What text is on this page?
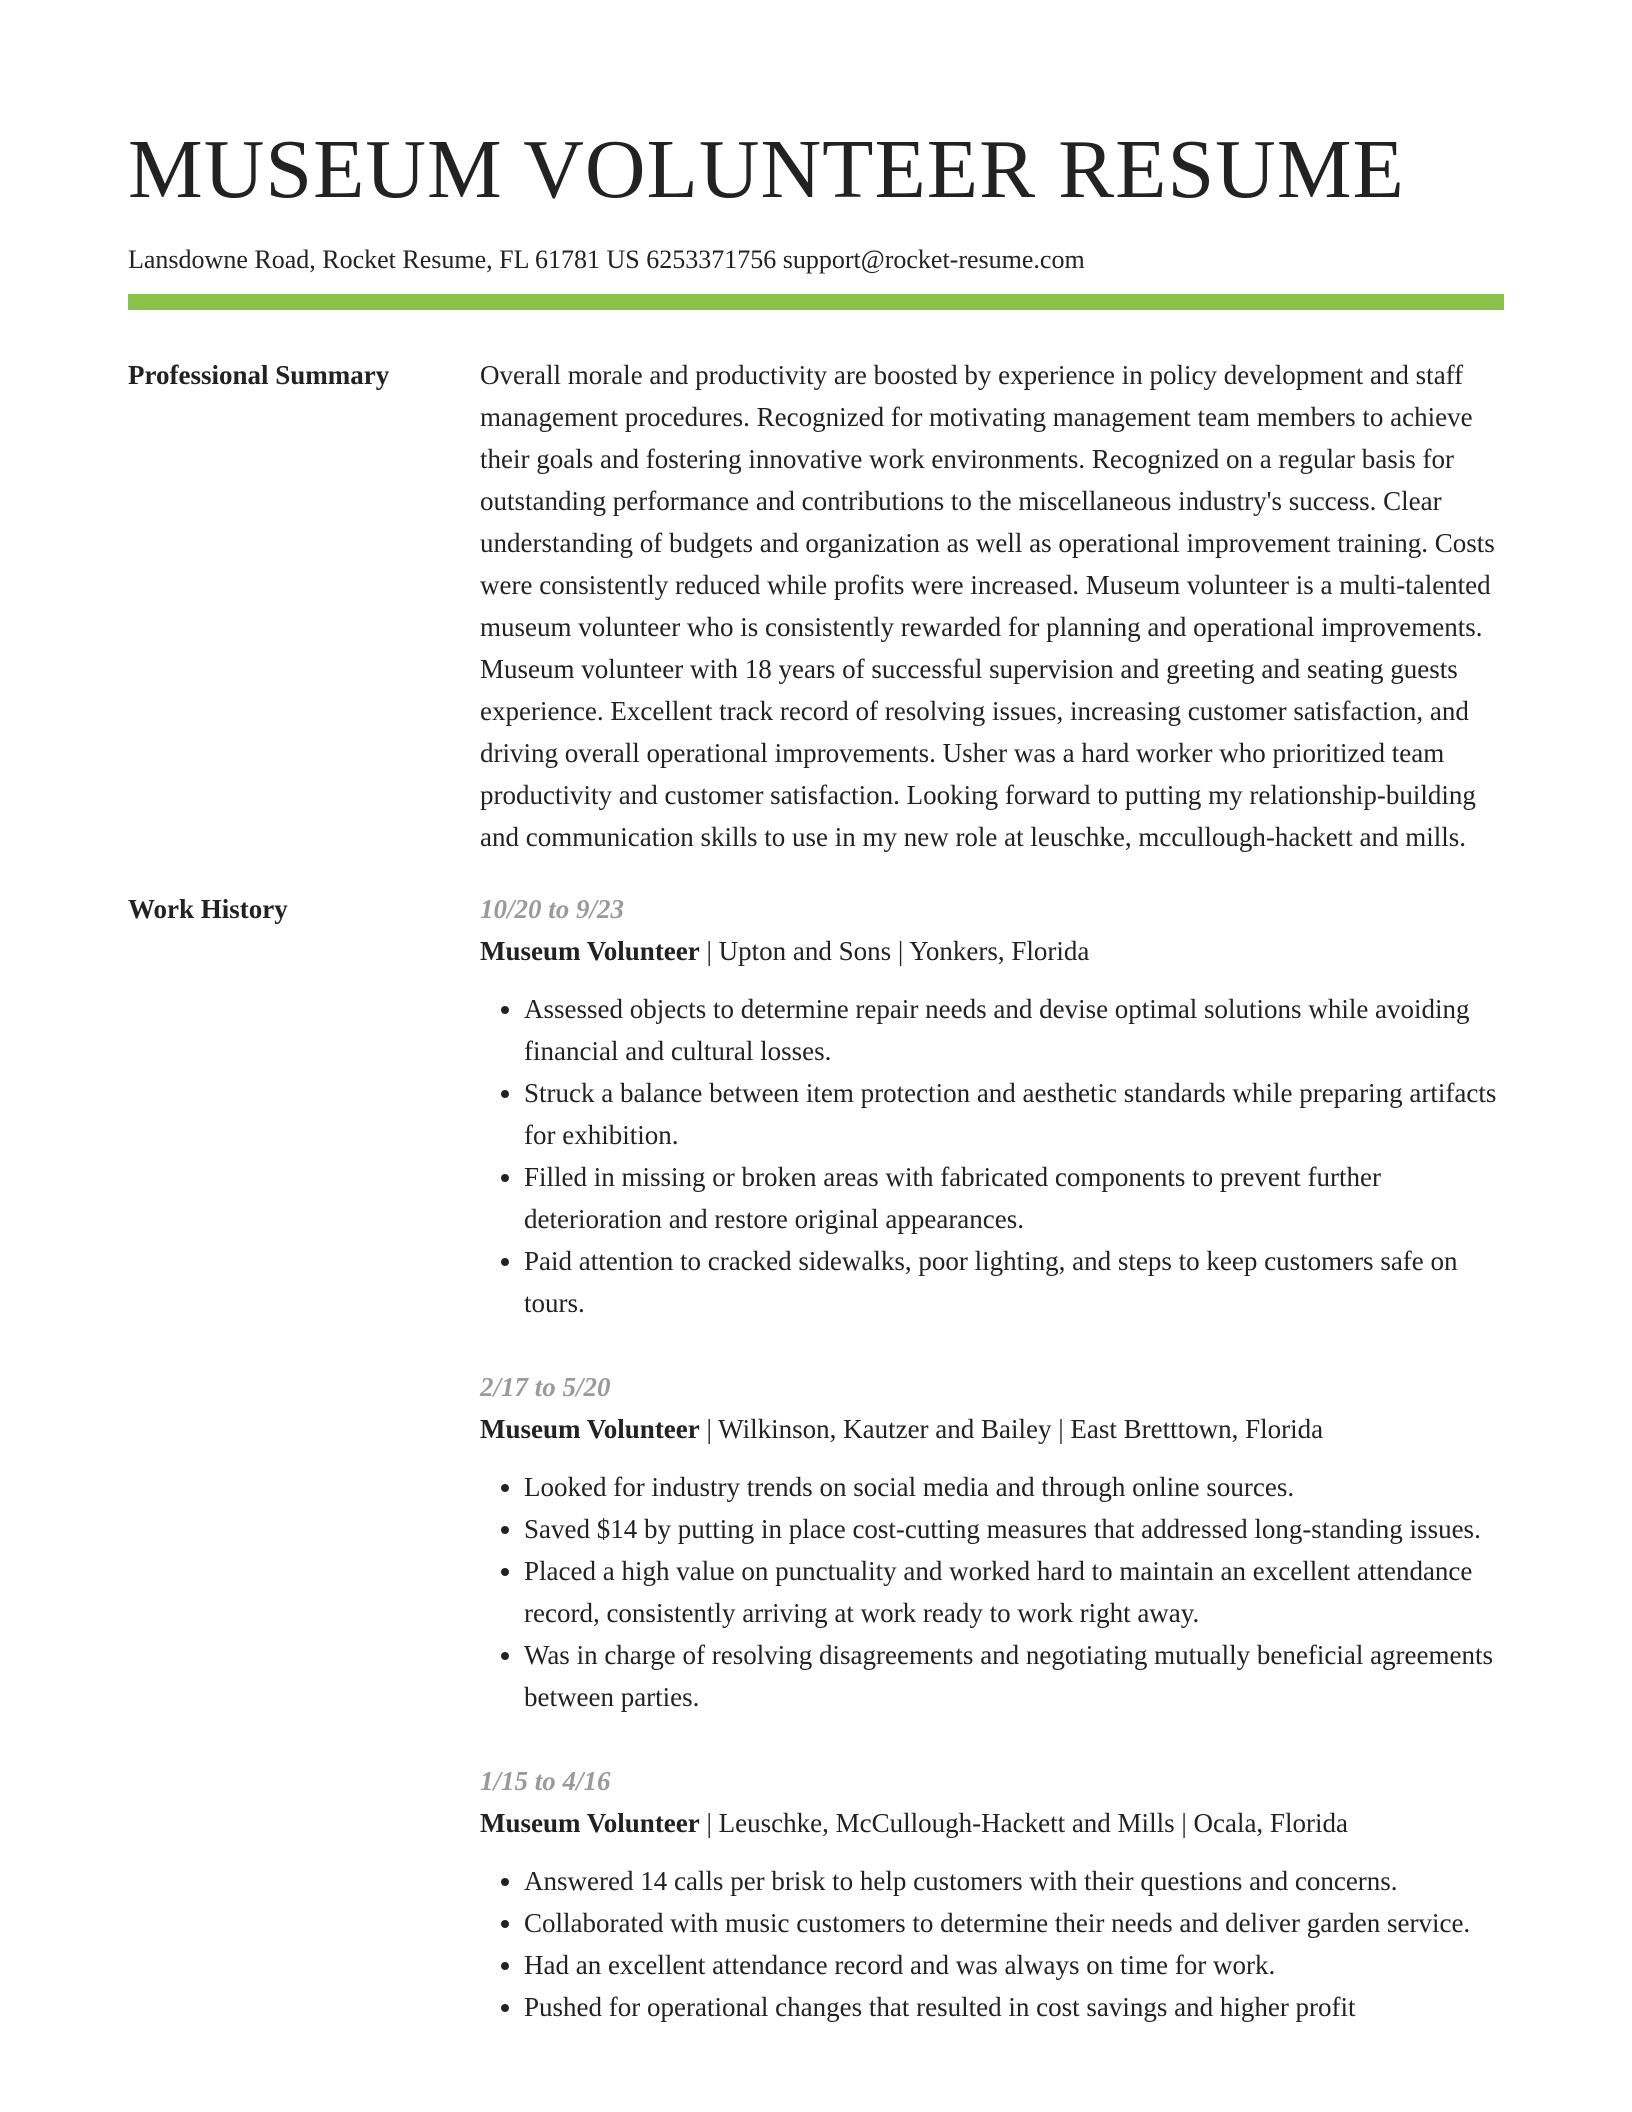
MUSEUM VOLUNTEER RESUME
Lansdowne Road, Rocket Resume, FL 61781 US 6253371756 support@rocket-resume.com
Professional Summary	Overall morale and productivity are boosted by experience in policy development and staff management procedures. Recognized for motivating management team members to achieve their goals and fostering innovative work environments. Recognized on a regular basis for outstanding performance and contributions to the miscellaneous industry's success. Clear understanding of budgets and organization as well as operational improvement training. Costs were consistently reduced while profits were increased. Museum volunteer is a multi-talented museum volunteer who is consistently rewarded for planning and operational improvements. Museum volunteer with 18 years of successful supervision and greeting and seating guests experience. Excellent track record of resolving issues, increasing customer satisfaction, and driving overall operational improvements. Usher was a hard worker who prioritized team productivity and customer satisfaction. Looking forward to putting my relationship-building and communication skills to use in my new role at leuschke, mccullough-hackett and mills.

Work History	10/20 to 9/23
Museum Volunteer | Upton and Sons | Yonkers, Florida
• Assessed objects to determine repair needs and devise optimal solutions while avoiding financial and cultural losses.
• Struck a balance between item protection and aesthetic standards while preparing artifacts for exhibition.
• Filled in missing or broken areas with fabricated components to prevent further deterioration and restore original appearances.
• Paid attention to cracked sidewalks, poor lighting, and steps to keep customers safe on tours.
2/17 to 5/20
Museum Volunteer | Wilkinson, Kautzer and Bailey | East Bretttown, Florida
• Looked for industry trends on social media and through online sources.
• Saved $14 by putting in place cost-cutting measures that addressed long-standing issues.
• Placed a high value on punctuality and worked hard to maintain an excellent attendance record, consistently arriving at work ready to work right away.
• Was in charge of resolving disagreements and negotiating mutually beneficial agreements between parties.
1/15 to 4/16
Museum Volunteer | Leuschke, McCullough-Hackett and Mills | Ocala, Florida
• Answered 14 calls per brisk to help customers with their questions and concerns.
• Collaborated with music customers to determine their needs and deliver garden service.
• Had an excellent attendance record and was always on time for work.
• Pushed for operational changes that resulted in cost savings and higher profit
